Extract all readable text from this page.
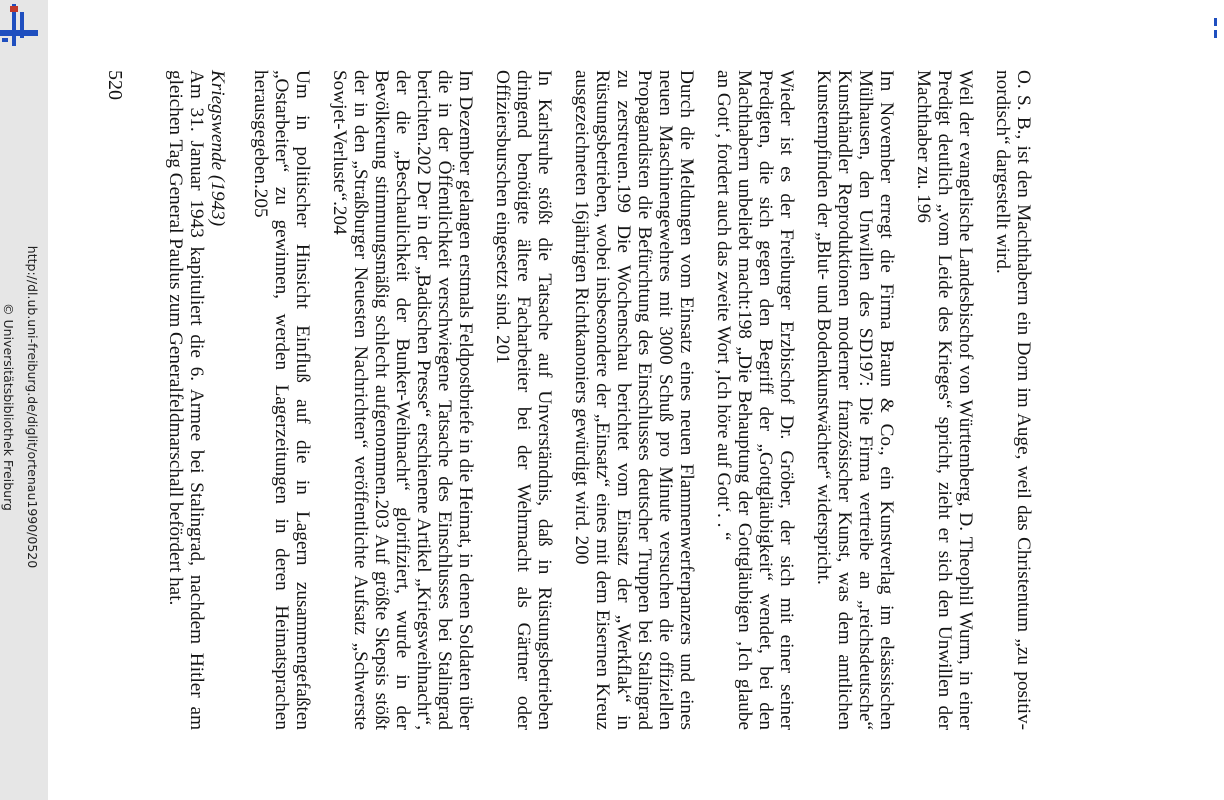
http://dl.ub.uni-freiburg.de/diglit/ortenau1990/0520
© Universitätsbibliothek Freiburg	O. S. B., ist den Machthabern ein Dorn im Auge, weil das Christentum „zu positiv-nordisch“ dargestellt wird.

Weil der evangelische Landesbischof von Württemberg, D. Theophil Wurm, in einer Predigt deutlich „vom Leide des Krieges“ spricht, zieht er sich den Unwillen der Machthaber zu. 196

Im November erregt die Firma Braun & Co., ein Kunstverlag im elsässischen Mülhausen, den Unwillen des SD197: Die Firma vertreibe an „reichsdeutsche“ Kunsthändler Reproduktionen moderner französischer Kunst, was dem amtlichen Kunstempfinden der „Blut- und Bodenkunstwächter“ widerspricht.

Wieder ist es der Freiburger Erzbischof Dr. Gröber, der sich mit einer seiner Predigten, die sich gegen den Begriff der „Gottgläubigkeit“ wendet, bei den Machthabern unbeliebt macht:198 „Die Behauptung der Gottgläubigen ‚Ich glaube an Gott‘, fordert auch das zweite Wort ‚Ich höre auf Gott‘. . “

Durch die Meldungen vom Einsatz eines neuen Flammenwerferpanzers und eines neuen Maschinengewehres mit 3000 Schuß pro Minute versuchen die offiziellen Propagandisten die Befürchtung des Einschlusses deutscher Truppen bei Stalingrad zu zerstreuen.199 Die Wochenschau berichtet vom Einsatz der „Werkflak“ in Rüstungsbetrieben, wobei insbesondere der „Einsatz“ eines mit dem Eisernen Kreuz ausgezeichneten 16jährigen Richtkanoniers gewürdigt wird. 200

In Karlsruhe stößt die Tatsache auf Unverständnis, daß in Rüstungsbetrieben dringend benötigte ältere Facharbeiter bei der Wehrmacht als Gärtner oder Offiziersburschen eingesetzt sind. 201

Im Dezember gelangen erstmals Feldpostbriefe in die Heimat, in denen Soldaten über die in der Öffentlichkeit verschwiegene Tatsache des Einschlusses bei Stalingrad berichten.202 Der in der „Badischen Presse“ erschienene Artikel „Kriegsweihnacht“, der die „Beschaulichkeit der Bunker-Weihnacht“ glorifiziert, wurde in der Bevölkerung stimmungsmäßig schlecht aufgenommen.203 Auf größte Skepsis stößt der in den „Straßburger Neuesten Nachrichten“ veröffentlichte Aufsatz „Schwerste Sowjet-Verluste“.204

Um in politischer Hinsicht Einfluß auf die in Lagern zusammengefaßten „Ostarbeiter“ zu gewinnen, werden Lagerzeitungen in deren Heimatsprachen herausgegeben.205

Kriegswende (1943)

Am 31. Januar 1943 kapituliert die 6. Armee bei Stalingrad, nachdem Hitler am gleichen Tag General Paulus zum Generalfeldmarschall befördert hat.

520
